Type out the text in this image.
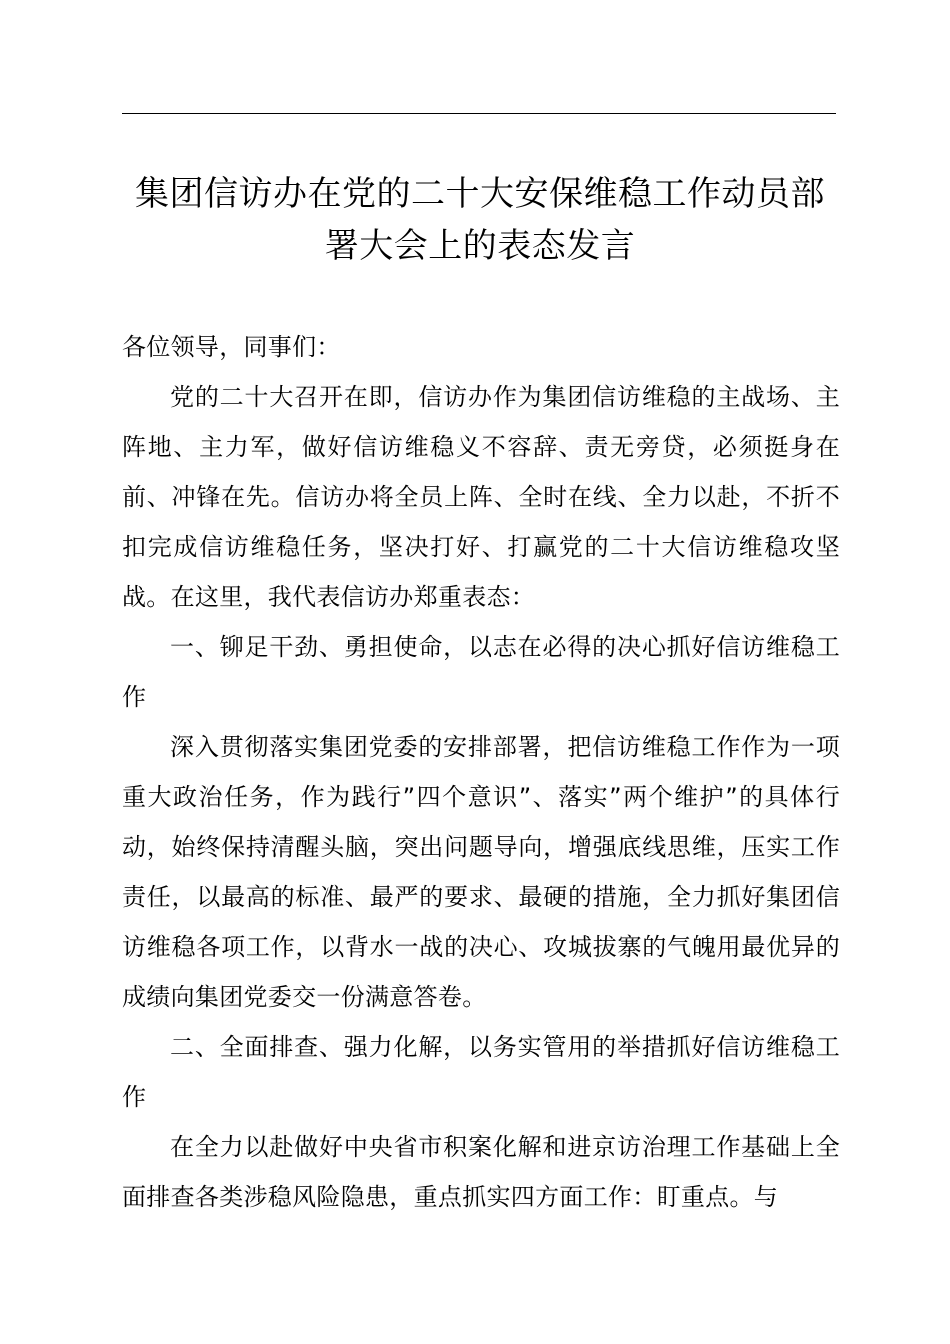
集团信访办在党的二十大安保维稳工作动员部
署大会上的表态发言

各位领导，同事们：

党的二十大召开在即，信访办作为集团信访维稳的主战场、主阵地、主力军，做好信访维稳义不容辞、责无旁贷，必须挺身在前、冲锋在先。信访办将全员上阵、全时在线、全力以赴，不折不扣完成信访维稳任务，坚决打好、打赢党的二十大信访维稳攻坚战。在这里，我代表信访办郑重表态：

一、铆足干劲、勇担使命，以志在必得的决心抓好信访维稳工作

深入贯彻落实集团党委的安排部署，把信访维稳工作作为一项重大政治任务，作为践行”四个意识”、落实”两个维护”的具体行动，始终保持清醒头脑，突出问题导向，增强底线思维，压实工作责任，以最高的标准、最严的要求、最硬的措施，全力抓好集团信访维稳各项工作，以背水一战的决心、攻城拔寨的气魄用最优异的成绩向集团党委交一份满意答卷。

二、全面排查、强力化解，以务实管用的举措抓好信访维稳工作

在全力以赴做好中央省市积案化解和进京访治理工作基础上全面排查各类涉稳风险隐患，重点抓实四方面工作：盯重点。与
